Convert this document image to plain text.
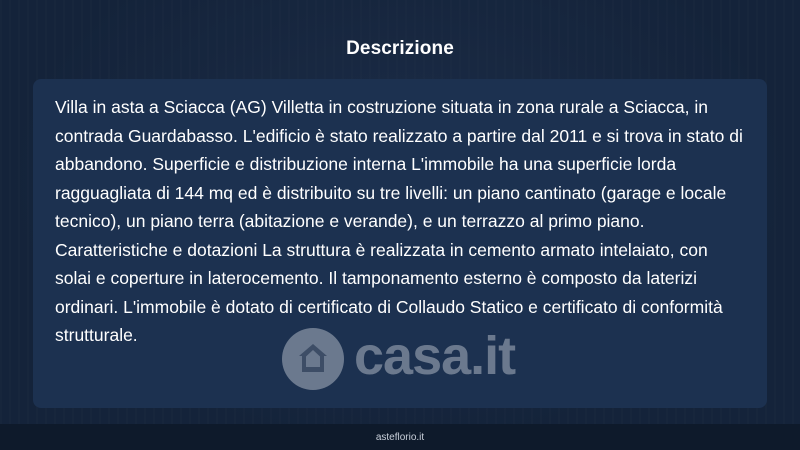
Descrizione

Villa in asta a Sciacca (AG) Villetta in costruzione situata in zona rurale a Sciacca, in contrada Guardabasso. L'edificio è stato realizzato a partire dal 2011 e si trova in stato di abbandono. Superficie e distribuzione interna L'immobile ha una superficie lorda ragguagliata di 144 mq ed è distribuito su tre livelli: un piano cantinato (garage e locale tecnico), un piano terra (abitazione e verande), e un terrazzo al primo piano. Caratteristiche e dotazioni La struttura è realizzata in cemento armato intelaiato, con solai e coperture in laterocemento. Il tamponamento esterno è composto da laterizi ordinari. L'immobile è dotato di certificato di Collaudo Statico e certificato di conformità strutturale.	casa.it
asteflorio.it
